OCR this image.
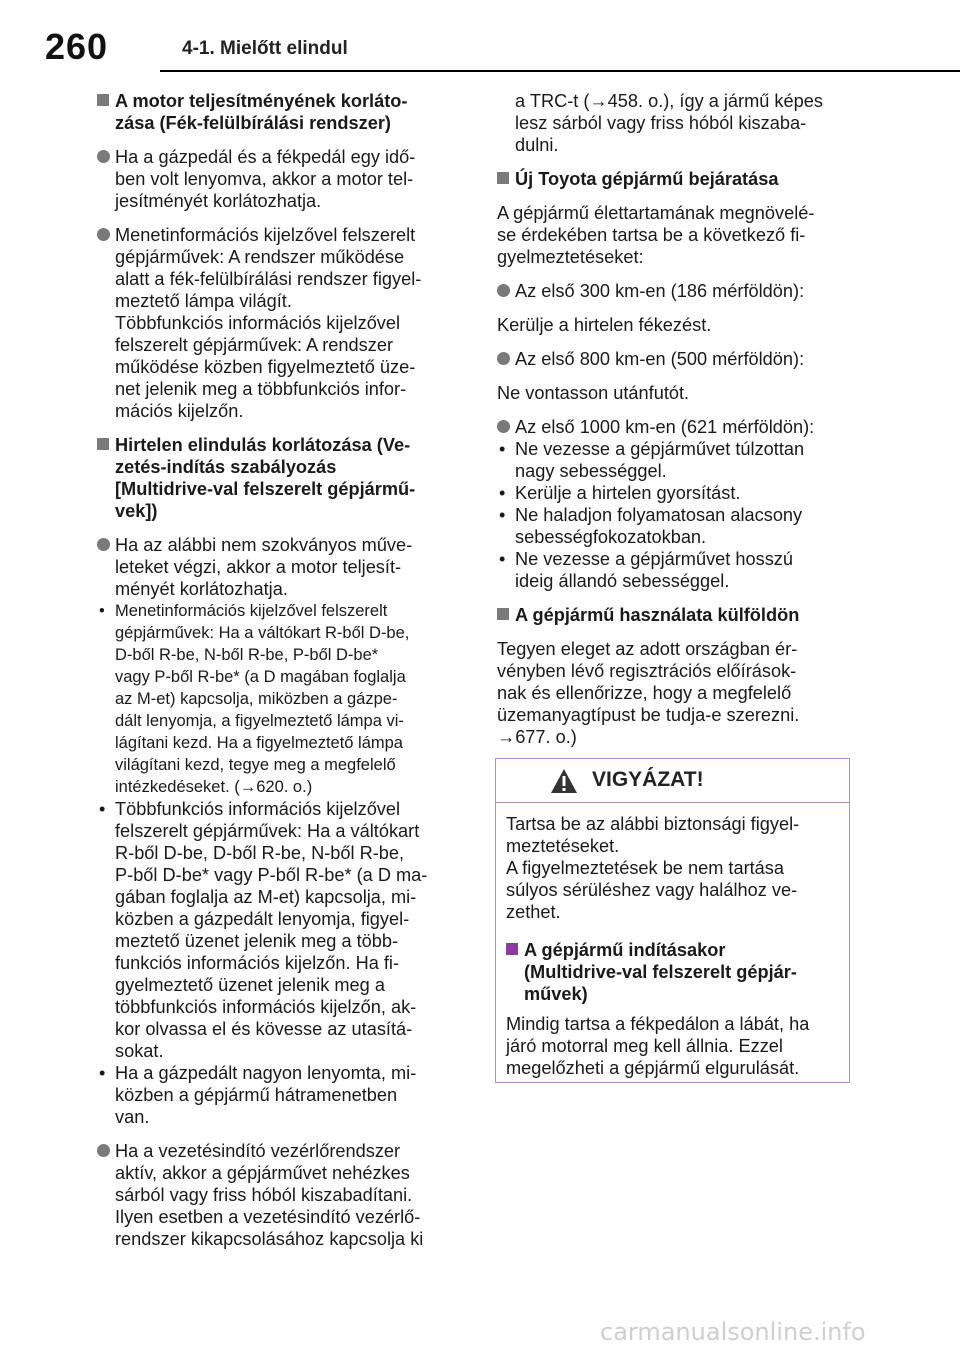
260	4-1. Mielőtt elindul
A motor teljesítményének korláto-
zása (Fék-felülbírálási rendszer)
Ha a gázpedál és a fékpedál egy idő-
ben volt lenyomva, akkor a motor tel-
jesítményét korlátozhatja.
Menetinformációs kijelzővel felszerelt
gépjárművek: A rendszer működése
alatt a fék-felülbírálási rendszer figyel-
meztető lámpa világít.
Többfunkciós információs kijelzővel
felszerelt gépjárművek: A rendszer
működése közben figyelmeztető üze-
net jelenik meg a többfunkciós infor-
mációs kijelzőn.
Hirtelen elindulás korlátozása (Ve-
zetés-indítás szabályozás
[Multidrive-val felszerelt gépjármű-
vek])
Ha az alábbi nem szokványos műve-
leteket végzi, akkor a motor teljesít-
ményét korlátozhatja.
• Menetinformációs kijelzővel felszerelt
gépjárművek: Ha a váltókart R-ből D-be,
D-ből R-be, N-ből R-be, P-ből D-be*
vagy P-ből R-be* (a D magában foglalja
az M-et) kapcsolja, miközben a gázpe-
dált lenyomja, a figyelmeztető lámpa vi-
lágítani kezd. Ha a figyelmeztető lámpa
világítani kezd, tegye meg a megfelelő
intézkedéseket. (→620. o.)
• Többfunkciós információs kijelzővel
felszerelt gépjárművek: Ha a váltókart
R-ből D-be, D-ből R-be, N-ből R-be,
P-ből D-be* vagy P-ből R-be* (a D ma-
gában foglalja az M-et) kapcsolja, mi-
közben a gázpedált lenyomja, figyel-
meztető üzenet jelenik meg a több-
funkciós információs kijelzőn. Ha fi-
gyelmeztető üzenet jelenik meg a
többfunkciós információs kijelzőn, ak-
kor olvassa el és kövesse az utasítá-
sokat.
• Ha a gázpedált nagyon lenyomta, mi-
közben a gépjármű hátramenetben
van.
Ha a vezetésindító vezérlőrendszer
aktív, akkor a gépjárművet nehézkes
sárból vagy friss hóból kiszabadítani.
Ilyen esetben a vezetésindító vezérlő-
rendszer kikapcsolásához kapcsolja ki
a TRC-t (→458. o.), így a jármű képes
lesz sárból vagy friss hóból kiszaba-
dulni.
Új Toyota gépjármű bejáratása
A gépjármű élettartamának megnövelé-
se érdekében tartsa be a következő fi-
gyelmeztetéseket:
Az első 300 km-en (186 mérföldön):
Kerülje a hirtelen fékezést.
Az első 800 km-en (500 mérföldön):
Ne vontasson utánfutót.
Az első 1000 km-en (621 mérföldön):
• Ne vezesse a gépjárművet túlzottan
nagy sebességgel.
• Kerülje a hirtelen gyorsítást.
• Ne haladjon folyamatosan alacsony
sebességfokozatokban.
• Ne vezesse a gépjárművet hosszú
ideig állandó sebességgel.
A gépjármű használata külföldön
Tegyen eleget az adott országban ér-
vényben lévő regisztrációs előírások-
nak és ellenőrizze, hogy a megfelelő
üzemanyagtípust be tudja-e szerezni.
→677. o.)
VIGYÁZAT!

Tartsa be az alábbi biztonsági figyel-
meztetéseket.
A figyelmeztetések be nem tartása
súlyos sérüléshez vagy halálhoz ve-
zethet.

A gépjármű indításakor
(Multidrive-val felszerelt gépjár-
művek)

Mindig tartsa a fékpedálon a lábát, ha
járó motorral meg kell állnia. Ezzel
megelőzheti a gépjármű elgurulását.

carmanualsonline.info
